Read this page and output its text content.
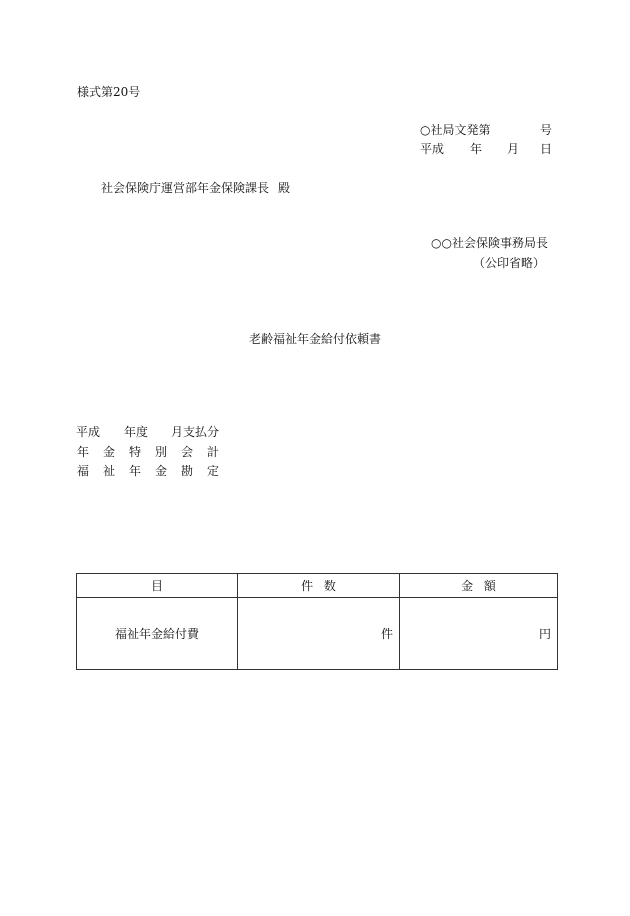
様式第20号
○社局文発第	号
平成 年 月 日
社会保険庁運営部年金保険課長 殿
○○社会保険事務局長
（公印省略）
老齢福祉年金給付依頼書
平成 年度 月支払分
年 金 特 別 会 計
福 祉 年 金 勘 定
目	件数	金額
福祉年金給付費	件	円
